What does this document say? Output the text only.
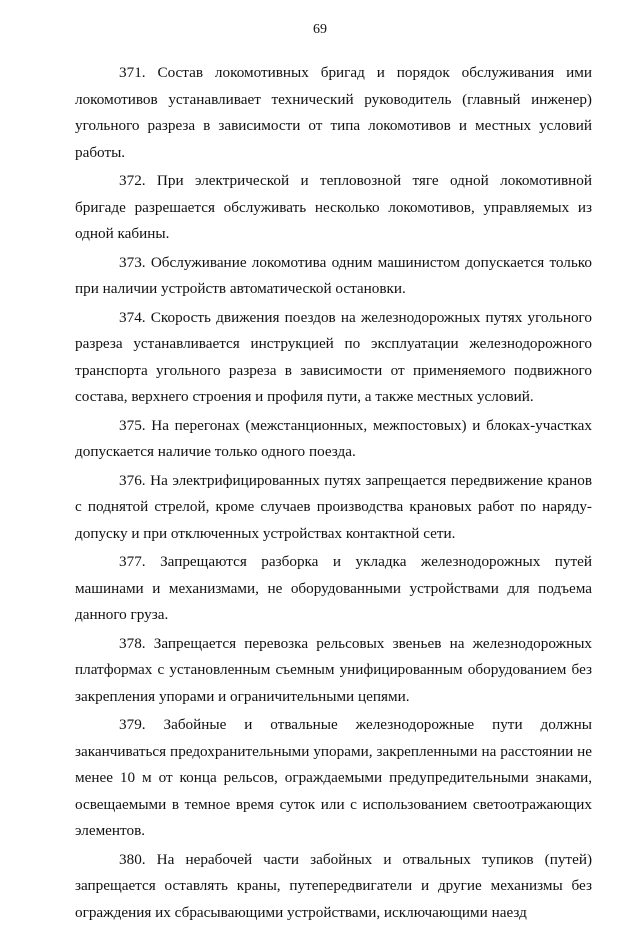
69

371. Состав локомотивных бригад и порядок обслуживания ими локомотивов устанавливает технический руководитель (главный инженер) угольного разреза в зависимости от типа локомотивов и местных условий работы.

372. При электрической и тепловозной тяге одной локомотивной бригаде разрешается обслуживать несколько локомотивов, управляемых из одной кабины.

373. Обслуживание локомотива одним машинистом допускается только при наличии устройств автоматической остановки.

374. Скорость движения поездов на железнодорожных путях угольного разреза устанавливается инструкцией по эксплуатации железнодорожного транспорта угольного разреза в зависимости от применяемого подвижного состава, верхнего строения и профиля пути, а также местных условий.

375. На перегонах (межстанционных, межпостовых) и блоках-участках допускается наличие только одного поезда.

376. На электрифицированных путях запрещается передвижение кранов с поднятой стрелой, кроме случаев производства крановых работ по наряду-допуску и при отключенных устройствах контактной сети.

377. Запрещаются разборка и укладка железнодорожных путей машинами и механизмами, не оборудованными устройствами для подъема данного груза.

378. Запрещается перевозка рельсовых звеньев на железнодорожных платформах с установленным съемным унифицированным оборудованием без закрепления упорами и ограничительными цепями.

379. Забойные и отвальные железнодорожные пути должны заканчиваться предохранительными упорами, закрепленными на расстоянии не менее 10 м от конца рельсов, ограждаемыми предупредительными знаками, освещаемыми в темное время суток или с использованием светоотражающих элементов.

380. На нерабочей части забойных и отвальных тупиков (путей) запрещается оставлять краны, путепередвигатели и другие механизмы без ограждения их сбрасывающими устройствами, исключающими наезд
